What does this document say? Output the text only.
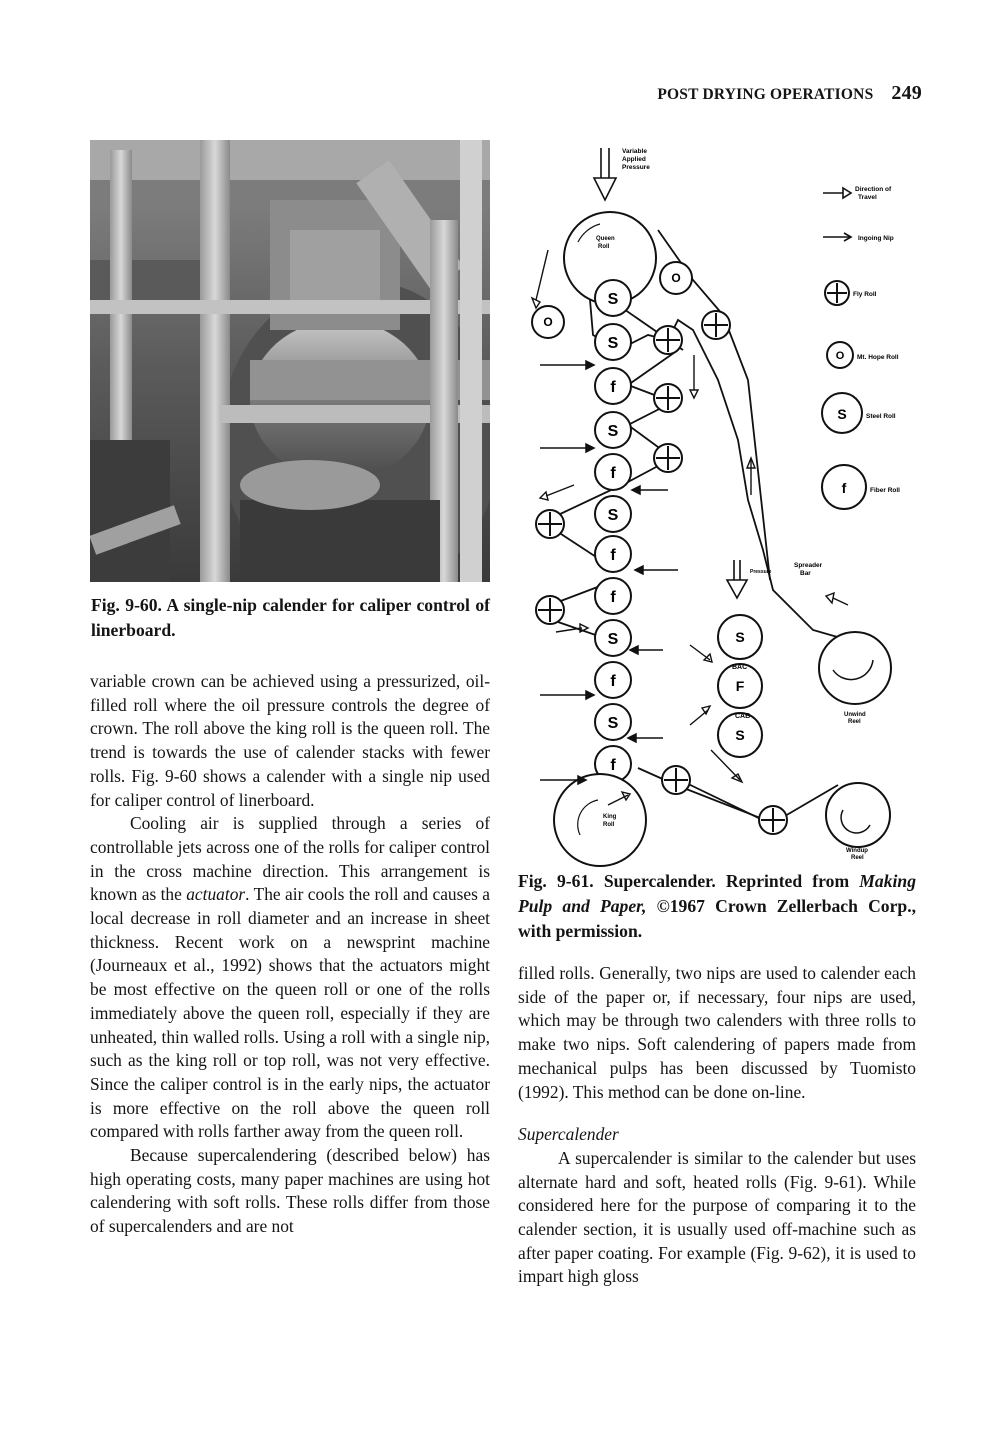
POST DRYING OPERATIONS 249
Fig. 9-60. A single-nip calender for caliper control of linerboard.
Variable
Applied
Pressure
Queen
Roll
S
S
f
S
f
S
f
f
S
f
S
f
King
Roll
O
O
Direction of
Travel
Ingoing Nip
Fly Roll
O Mt. Hope Roll
S	Steel Roll
f	Fiber Roll
Spreader
Bar
Pressure
S
F
S
BAC
CAB	Unwind
Reel
Windup
Reel
Fig. 9-61. Supercalender. Reprinted from Making Pulp and Paper, ©1967 Crown Zellerbach Corp., with permission.

variable crown can be achieved using a pressurized, oil-filled roll where the oil pressure controls the degree of crown. The roll above the king roll is the queen roll. The trend is towards the use of calender stacks with fewer rolls. Fig. 9-60 shows a calender with a single nip used for caliper control of linerboard.

Cooling air is supplied through a series of controllable jets across one of the rolls for caliper control in the cross machine direction. This arrangement is known as the actuator. The air cools the roll and causes a local decrease in roll diameter and an increase in sheet thickness. Recent work on a newsprint machine (Journeaux et al., 1992) shows that the actuators might be most effective on the queen roll or one of the rolls immediately above the queen roll, especially if they are unheated, thin walled rolls. Using a roll with a single nip, such as the king roll or top roll, was not very effective. Since the caliper control is in the early nips, the actuator is more effective on the roll above the queen roll compared with rolls farther away from the queen roll.

Because supercalendering (described below) has high operating costs, many paper machines are using hot calendering with soft rolls. These rolls differ from those of supercalenders and are not

filled rolls. Generally, two nips are used to calender each side of the paper or, if necessary, four nips are used, which may be through two calenders with three rolls to make two nips. Soft calendering of papers made from mechanical pulps has been discussed by Tuomisto (1992). This method can be done on-line.

Supercalender

A supercalender is similar to the calender but uses alternate hard and soft, heated rolls (Fig. 9-61). While considered here for the purpose of comparing it to the calender section, it is usually used off-machine such as after paper coating. For example (Fig. 9-62), it is used to impart high gloss
